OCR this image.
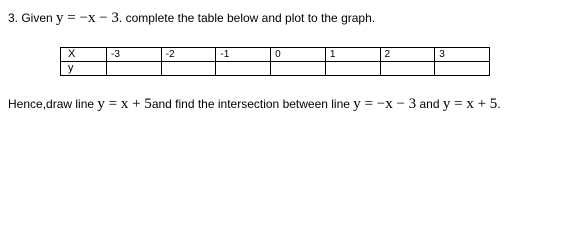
3. Given y = −x − 3. complete the table below and plot to the graph.
X	-3	-2	-1	0	1	2	3
y							
Hence,draw line y = x + 5and find the intersection between line y = −x − 3 and y = x + 5.
